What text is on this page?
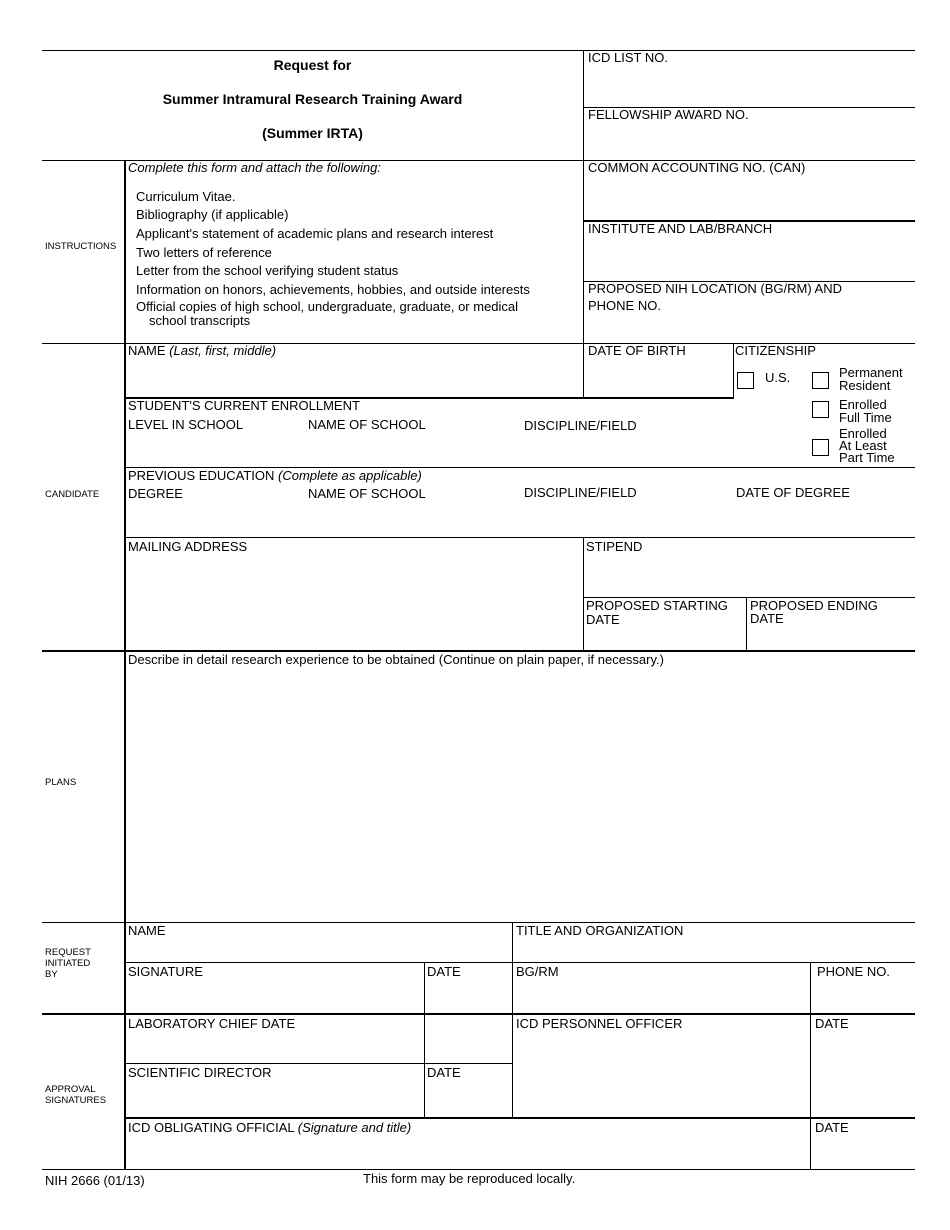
Request for
Summer Intramural Research Training Award
(Summer IRTA)
ICD LIST NO.
FELLOWSHIP AWARD NO.
COMMON ACCOUNTING NO. (CAN)
INSTITUTE AND LAB/BRANCH
PROPOSED NIH LOCATION (BG/RM) AND
PHONE NO.
INSTRUCTIONS
Complete this form and attach the following:
Curriculum Vitae.
Bibliography (if applicable)
Applicant's statement of academic plans and research interest
Two letters of reference
Letter from the school verifying student status
Information on honors, achievements, hobbies, and outside interests
Official copies of high school, undergraduate, graduate, or medical
school transcripts
CANDIDATE
NAME (Last, first, middle)	DATE OF BIRTH	CITIZENSHIP
U.S.	Permanent
Resident
Enrolled
Full Time
Enrolled
At Least
Part Time
STUDENT'S CURRENT ENROLLMENT
LEVEL IN SCHOOL	NAME OF SCHOOL	DISCIPLINE/FIELD
PREVIOUS EDUCATION (Complete as applicable)
DEGREE	NAME OF SCHOOL	DISCIPLINE/FIELD	DATE OF DEGREE
MAILING ADDRESS	STIPEND
PROPOSED STARTING
DATE
PROPOSED ENDING
DATE
PLANS
Describe in detail research experience to be obtained (Continue on plain paper, if necessary.)
REQUEST
INITIATED
BY
NAME	TITLE AND ORGANIZATION
SIGNATURE	DATE	BG/RM	PHONE NO.
APPROVAL
SIGNATURES
LABORATORY CHIEF DATE	ICD PERSONNEL OFFICER	DATE
SCIENTIFIC DIRECTOR	DATE
ICD OBLIGATING OFFICIAL (Signature and title)	DATE
NIH 2666 (01/13)	This form may be reproduced locally.
